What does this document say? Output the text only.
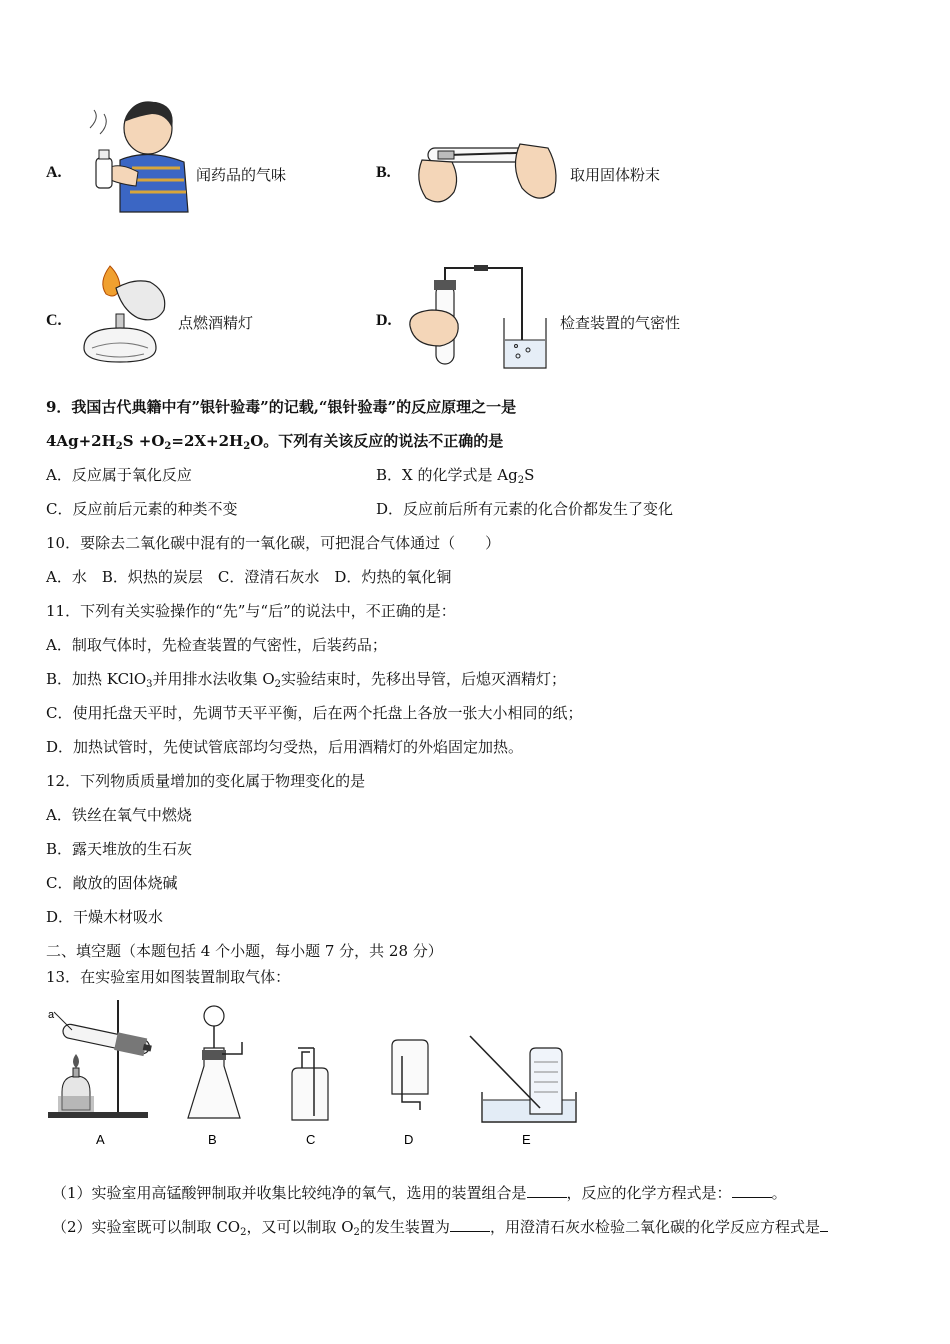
A.	闻药品的气味	B.	取用固体粉末
C.	点燃酒精灯	D.	检查装置的气密性
9．我国古代典籍中有”银针验毒”的记载,“银针验毒”的反应原理之一是
$4Ag+2H_2S +O_2=2X+2H_2O$。下列有关该反应的说法不正确的是
A．反应属于氧化反应	B．X 的化学式是 $Ag_2S$
C．反应前后元素的种类不变	D．反应前后所有元素的化合价都发生了变化
10．要除去二氧化碳中混有的一氧化碳，可把混合气体通过（　　）
A．水　B．炽热的炭层　C．澄清石灰水　D．灼热的氧化铜
11．下列有关实验操作的“先”与“后”的说法中，不正确的是：
A．制取气体时，先检查装置的气密性，后装药品；
B．加热 KClO$_3$并用排水法收集 $O_2$实验结束时，先移出导管，后熄灭酒精灯；
C．使用托盘天平时，先调节天平平衡，后在两个托盘上各放一张大小相同的纸；
D．加热试管时，先使试管底部均匀受热，后用酒精灯的外焰固定加热。
12．下列物质质量增加的变化属于物理变化的是
A．铁丝在氧气中燃烧
B．露天堆放的生石灰
C．敞放的固体烧碱
D．干燥木材吸水
二、填空题（本题包括 4 个小题，每小题 7 分，共 28 分）
13．在实验室用如图装置制取气体：
a
A	B	C	D	E
（1）实验室用高锰酸钾制取并收集比较纯净的氧气，选用的装置组合是	，反应的化学方程式是：	。
（2）实验室既可以制取 $CO_2$，又可以制取 $O_2$的发生装置为	，用澄清石灰水检验二氧化碳的化学反应方程式是
